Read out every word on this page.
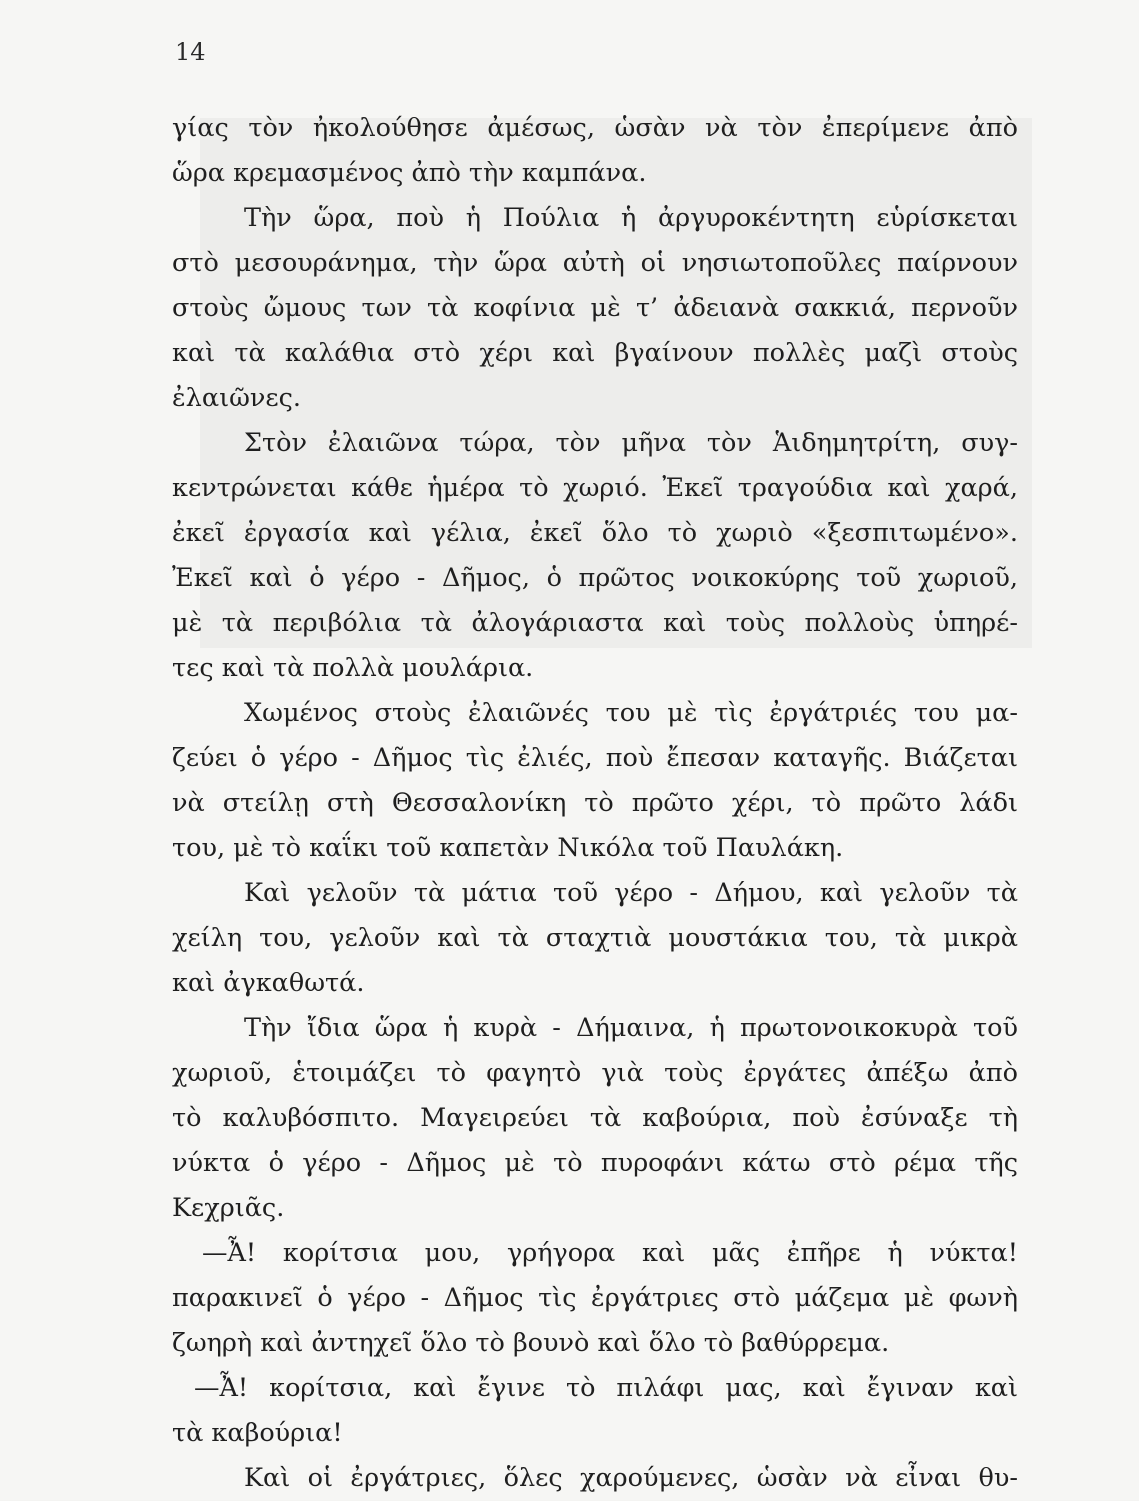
14
γίας τὸν ἠκολούθησε ἀμέσως, ὡσὰν νὰ τὸν ἐπερίμενε ἀπὸ
ὥρα κρεμασμένος ἀπὸ τὴν καμπάνα.
Τὴν ὥρα, ποὺ ἡ Πούλια ἡ ἀργυροκέντητη εὑρίσκεται
στὸ μεσουράνημα, τὴν ὥρα αὐτὴ οἱ νησιωτοποῦλες παίρνουν
στοὺς ὤμους των τὰ κοφίνια μὲ τ’ ἀδειανὰ σακκιά, περνοῦν
καὶ τὰ καλάθια στὸ χέρι καὶ βγαίνουν πολλὲς μαζὶ στοὺς
ἐλαιῶνες.
Στὸν ἐλαιῶνα τώρα, τὸν μῆνα τὸν Ἁιδημητρίτη, συγ-
κεντρώνεται κάθε ἡμέρα τὸ χωριό. Ἐκεῖ τραγούδια καὶ χαρά,
ἐκεῖ ἐργασία καὶ γέλια, ἐκεῖ ὅλο τὸ χωριὸ «ξεσπιτωμένο».
Ἐκεῖ καὶ ὁ γέρο - Δῆμος, ὁ πρῶτος νοικοκύρης τοῦ χωριοῦ,
μὲ τὰ περιβόλια τὰ ἀλογάριαστα καὶ τοὺς πολλοὺς ὑπηρέ-
τες καὶ τὰ πολλὰ μουλάρια.
Χωμένος στοὺς ἐλαιῶνές του μὲ τὶς ἐργάτριές του μα-
ζεύει ὁ γέρο - Δῆμος τὶς ἐλιές, ποὺ ἔπεσαν καταγῆς. Βιάζεται
νὰ στείλῃ στὴ Θεσσαλονίκη τὸ πρῶτο χέρι, τὸ πρῶτο λάδι
του, μὲ τὸ καΐκι τοῦ καπετὰν Νικόλα τοῦ Παυλάκη.
Καὶ γελοῦν τὰ μάτια τοῦ γέρο - Δήμου, καὶ γελοῦν τὰ
χείλη του, γελοῦν καὶ τὰ σταχτιὰ μουστάκια του, τὰ μικρὰ
καὶ ἀγκαθωτά.
Τὴν ἴδια ὥρα ἡ κυρὰ - Δήμαινα, ἡ πρωτονοικοκυρὰ τοῦ
χωριοῦ, ἑτοιμάζει τὸ φαγητὸ γιὰ τοὺς ἐργάτες ἀπέξω ἀπὸ
τὸ καλυβόσπιτο. Μαγειρεύει τὰ καβούρια, ποὺ ἐσύναξε τὴ
νύκτα ὁ γέρο - Δῆμος μὲ τὸ πυροφάνι κάτω στὸ ρέμα τῆς
Κεχριᾶς.
—Ἆ! κορίτσια μου, γρήγορα καὶ μᾶς ἐπῆρε ἡ νύκτα!
παρακινεῖ ὁ γέρο - Δῆμος τὶς ἐργάτριες στὸ μάζεμα μὲ φωνὴ
ζωηρὴ καὶ ἀντηχεῖ ὅλο τὸ βουνὸ καὶ ὅλο τὸ βαθύρρεμα.
—Ἆ! κορίτσια, καὶ ἔγινε τὸ πιλάφι μας, καὶ ἔγιναν καὶ
τὰ καβούρια!
Καὶ οἱ ἐργάτριες, ὅλες χαρούμενες, ὡσὰν νὰ εἶναι θυ-
